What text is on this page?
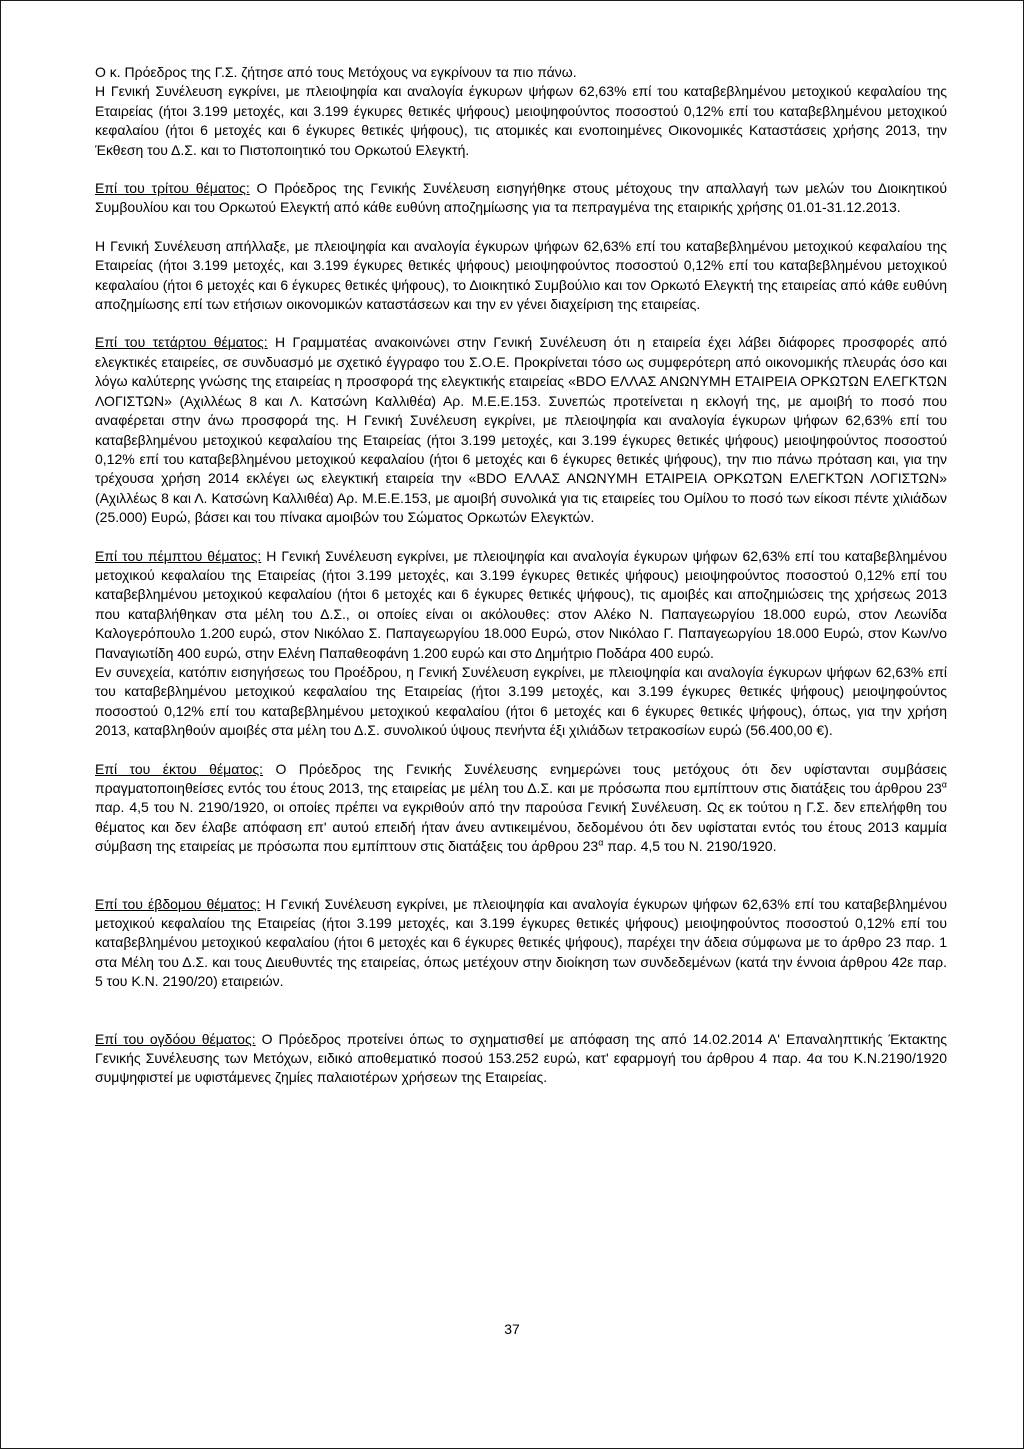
Ο κ. Πρόεδρος της Γ.Σ. ζήτησε από τους Μετόχους να εγκρίνουν τα πιο πάνω.
Η Γενική Συνέλευση εγκρίνει, με πλειοψηφία και αναλογία έγκυρων ψήφων 62,63% επί του καταβεβλημένου μετοχικού κεφαλαίου της Εταιρείας (ήτοι 3.199 μετοχές, και 3.199 έγκυρες θετικές ψήφους) μειοψηφούντος ποσοστού 0,12% επί του καταβεβλημένου μετοχικού κεφαλαίου (ήτοι 6 μετοχές και 6 έγκυρες θετικές ψήφους), τις ατομικές και ενοποιημένες Οικονομικές Καταστάσεις χρήσης 2013, την Έκθεση του Δ.Σ. και το Πιστοποιητικό του Ορκωτού Ελεγκτή.

Επί του τρίτου θέματος: Ο Πρόεδρος της Γενικής Συνέλευση εισηγήθηκε στους μέτοχους την απαλλαγή των μελών του Διοικητικού Συμβουλίου και του Ορκωτού Ελεγκτή από κάθε ευθύνη αποζημίωσης για τα πεπραγμένα της εταιρικής χρήσης 01.01-31.12.2013.

Η Γενική Συνέλευση απήλλαξε, με πλειοψηφία και αναλογία έγκυρων ψήφων 62,63% επί του καταβεβλημένου μετοχικού κεφαλαίου της Εταιρείας (ήτοι 3.199 μετοχές, και 3.199 έγκυρες θετικές ψήφους) μειοψηφούντος ποσοστού 0,12% επί του καταβεβλημένου μετοχικού κεφαλαίου (ήτοι 6 μετοχές και 6 έγκυρες θετικές ψήφους), το Διοικητικό Συμβούλιο και τον Ορκωτό Ελεγκτή της εταιρείας από κάθε ευθύνη αποζημίωσης επί των ετήσιων οικονομικών καταστάσεων και την εν γένει διαχείριση της εταιρείας.

Επί του τετάρτου θέματος: Η Γραμματέας ανακοινώνει στην Γενική Συνέλευση ότι η εταιρεία έχει λάβει διάφορες προσφορές από ελεγκτικές εταιρείες, σε συνδυασμό με σχετικό έγγραφο του Σ.Ο.Ε. Προκρίνεται τόσο ως συμφερότερη από οικονομικής πλευράς όσο και λόγω καλύτερης γνώσης της εταιρείας η προσφορά της ελεγκτικής εταιρείας «BDO ΕΛΛΑΣ ΑΝΩΝΥΜΗ ΕΤΑΙΡΕΙΑ ΟΡΚΩΤΩΝ ΕΛΕΓΚΤΩΝ ΛΟΓΙΣΤΩΝ» (Αχιλλέως 8 και Λ. Κατσώνη Καλλιθέα) Αρ. Μ.Ε.Ε.153. Συνεπώς προτείνεται η εκλογή της, με αμοιβή το ποσό που αναφέρεται στην άνω προσφορά της. Η Γενική Συνέλευση εγκρίνει, με πλειοψηφία και αναλογία έγκυρων ψήφων 62,63% επί του καταβεβλημένου μετοχικού κεφαλαίου της Εταιρείας (ήτοι 3.199 μετοχές, και 3.199 έγκυρες θετικές ψήφους) μειοψηφούντος ποσοστού 0,12% επί του καταβεβλημένου μετοχικού κεφαλαίου (ήτοι 6 μετοχές και 6 έγκυρες θετικές ψήφους), την πιο πάνω πρόταση και, για την τρέχουσα χρήση 2014 εκλέγει ως ελεγκτική εταιρεία την «BDO ΕΛΛΑΣ ΑΝΩΝΥΜΗ ΕΤΑΙΡΕΙΑ ΟΡΚΩΤΩΝ ΕΛΕΓΚΤΩΝ ΛΟΓΙΣΤΩΝ» (Αχιλλέως 8 και Λ. Κατσώνη Καλλιθέα) Αρ. Μ.Ε.Ε.153, με αμοιβή συνολικά για τις εταιρείες του Ομίλου το ποσό των είκοσι πέντε χιλιάδων (25.000) Ευρώ, βάσει και του πίνακα αμοιβών του Σώματος Ορκωτών Ελεγκτών.

Επί του πέμπτου θέματος: Η Γενική Συνέλευση εγκρίνει, με πλειοψηφία και αναλογία έγκυρων ψήφων 62,63% επί του καταβεβλημένου μετοχικού κεφαλαίου της Εταιρείας (ήτοι 3.199 μετοχές, και 3.199 έγκυρες θετικές ψήφους) μειοψηφούντος ποσοστού 0,12% επί του καταβεβλημένου μετοχικού κεφαλαίου (ήτοι 6 μετοχές και 6 έγκυρες θετικές ψήφους), τις αμοιβές και αποζημιώσεις της χρήσεως 2013 που καταβλήθηκαν στα μέλη του Δ.Σ., οι οποίες είναι οι ακόλουθες: στον Αλέκο Ν. Παπαγεωργίου 18.000 ευρώ, στον Λεωνίδα Καλογερόπουλο 1.200 ευρώ, στον Νικόλαο Σ. Παπαγεωργίου 18.000 Ευρώ, στον Νικόλαο Γ. Παπαγεωργίου 18.000 Ευρώ, στον Κων/νο Παναγιωτίδη 400 ευρώ, στην Ελένη Παπαθεοφάνη 1.200 ευρώ και στο Δημήτριο Ποδάρα 400 ευρώ.

Εν συνεχεία, κατόπιν εισηγήσεως του Προέδρου, η Γενική Συνέλευση εγκρίνει, με πλειοψηφία και αναλογία έγκυρων ψήφων 62,63% επί του καταβεβλημένου μετοχικού κεφαλαίου της Εταιρείας (ήτοι 3.199 μετοχές, και 3.199 έγκυρες θετικές ψήφους) μειοψηφούντος ποσοστού 0,12% επί του καταβεβλημένου μετοχικού κεφαλαίου (ήτοι 6 μετοχές και 6 έγκυρες θετικές ψήφους), όπως, για την χρήση 2013, καταβληθούν αμοιβές στα μέλη του Δ.Σ. συνολικού ύψους πενήντα έξι χιλιάδων τετρακοσίων ευρώ (56.400,00 €).

Επί του έκτου θέματος: Ο Πρόεδρος της Γενικής Συνέλευσης ενημερώνει τους μετόχους ότι δεν υφίστανται συμβάσεις πραγματοποιηθείσες εντός του έτους 2013, της εταιρείας με μέλη του Δ.Σ. και με πρόσωπα που εμπίπτουν στις διατάξεις του άρθρου $23^\alpha$ παρ. 4,5 του Ν. 2190/1920, οι οποίες πρέπει να εγκριθούν από την παρούσα Γενική Συνέλευση. Ως εκ τούτου η Γ.Σ. δεν επελήφθη του θέματος και δεν έλαβε απόφαση επ' αυτού επειδή ήταν άνευ αντικειμένου, δεδομένου ότι δεν υφίσταται εντός του έτους 2013 καμμία σύμβαση της εταιρείας με πρόσωπα που εμπίπτουν στις διατάξεις του άρθρου $23^\alpha$ παρ. 4,5 του Ν. 2190/1920.

Επί του έβδομου θέματος: Η Γενική Συνέλευση εγκρίνει, με πλειοψηφία και αναλογία έγκυρων ψήφων 62,63% επί του καταβεβλημένου μετοχικού κεφαλαίου της Εταιρείας (ήτοι 3.199 μετοχές, και 3.199 έγκυρες θετικές ψήφους) μειοψηφούντος ποσοστού 0,12% επί του καταβεβλημένου μετοχικού κεφαλαίου (ήτοι 6 μετοχές και 6 έγκυρες θετικές ψήφους), παρέχει την άδεια σύμφωνα με το άρθρο 23 παρ. 1 στα Μέλη του Δ.Σ. και τους Διευθυντές της εταιρείας, όπως μετέχουν στην διοίκηση των συνδεδεμένων (κατά την έννοια άρθρου 42ε παρ. 5 του Κ.Ν. 2190/20) εταιρειών.

Επί του ογδόου θέματος: Ο Πρόεδρος προτείνει όπως το σχηματισθεί με απόφαση της από 14.02.2014 Α' Επαναληπτικής Έκτακτης Γενικής Συνέλευσης των Μετόχων, ειδικό αποθεματικό ποσού 153.252 ευρώ, κατ' εφαρμογή του άρθρου 4 παρ. 4α του Κ.Ν.2190/1920 συμψηφιστεί με υφιστάμενες ζημίες παλαιοτέρων χρήσεων της Εταιρείας.

37
